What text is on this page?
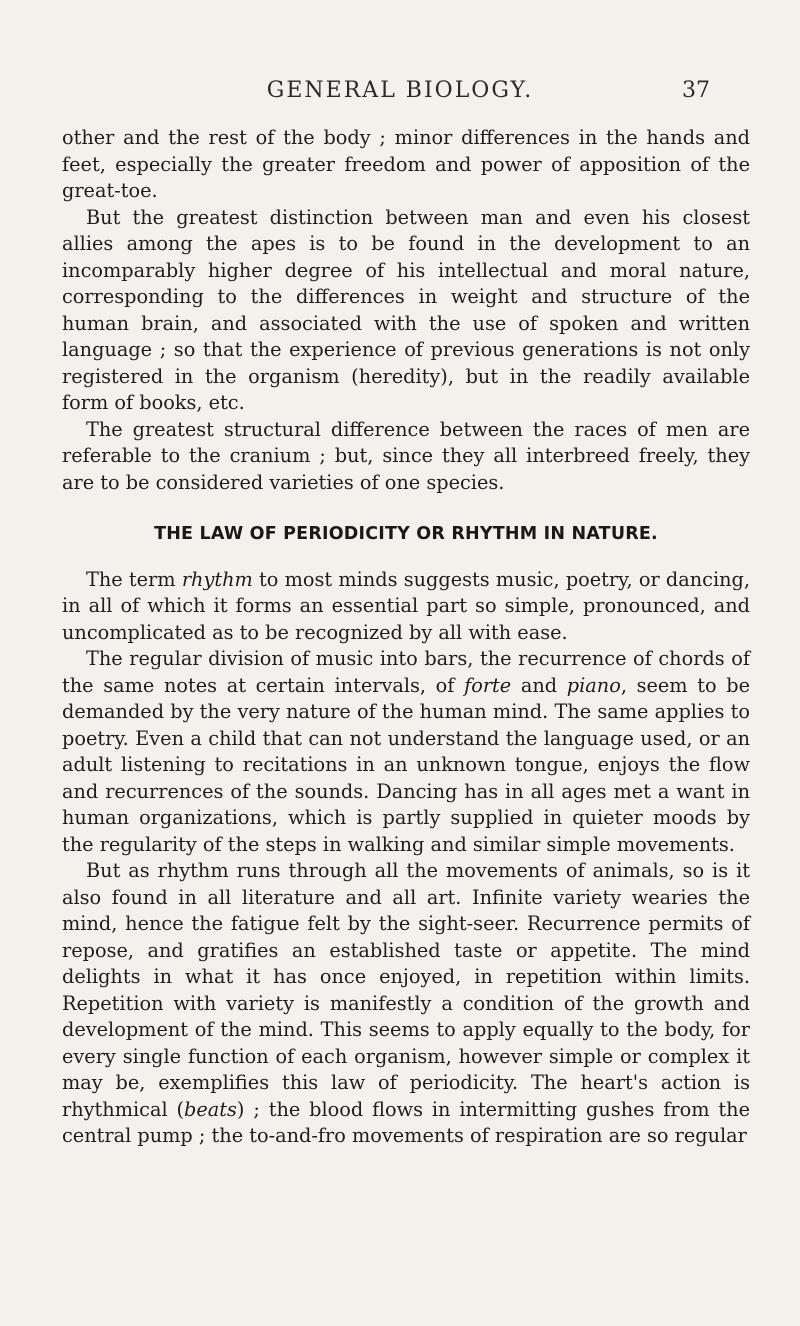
GENERAL BIOLOGY.	37

other and the rest of the body ; minor differences in the hands and feet, especially the greater freedom and power of apposition of the great-toe.

But the greatest distinction between man and even his closest allies among the apes is to be found in the development to an incomparably higher degree of his intellectual and moral nature, corresponding to the differences in weight and structure of the human brain, and associated with the use of spoken and written language ; so that the experience of previous generations is not only registered in the organism (heredity), but in the readily available form of books, etc.

The greatest structural difference between the races of men are referable to the cranium ; but, since they all interbreed freely, they are to be considered varieties of one species.

THE LAW OF PERIODICITY OR RHYTHM IN NATURE.

The term rhythm to most minds suggests music, poetry, or dancing, in all of which it forms an essential part so simple, pronounced, and uncomplicated as to be recognized by all with ease.

The regular division of music into bars, the recurrence of chords of the same notes at certain intervals, of forte and piano, seem to be demanded by the very nature of the human mind. The same applies to poetry. Even a child that can not understand the language used, or an adult listening to recitations in an unknown tongue, enjoys the flow and recurrences of the sounds. Dancing has in all ages met a want in human organizations, which is partly supplied in quieter moods by the regularity of the steps in walking and similar simple movements.

But as rhythm runs through all the movements of animals, so is it also found in all literature and all art. Infinite variety wearies the mind, hence the fatigue felt by the sight-seer. Recurrence permits of repose, and gratifies an established taste or appetite. The mind delights in what it has once enjoyed, in repetition within limits. Repetition with variety is manifestly a condition of the growth and development of the mind. This seems to apply equally to the body, for every single function of each organism, however simple or complex it may be, exemplifies this law of periodicity. The heart's action is rhythmical (beats) ; the blood flows in intermitting gushes from the central pump ; the to-and-fro movements of respiration are so regular
